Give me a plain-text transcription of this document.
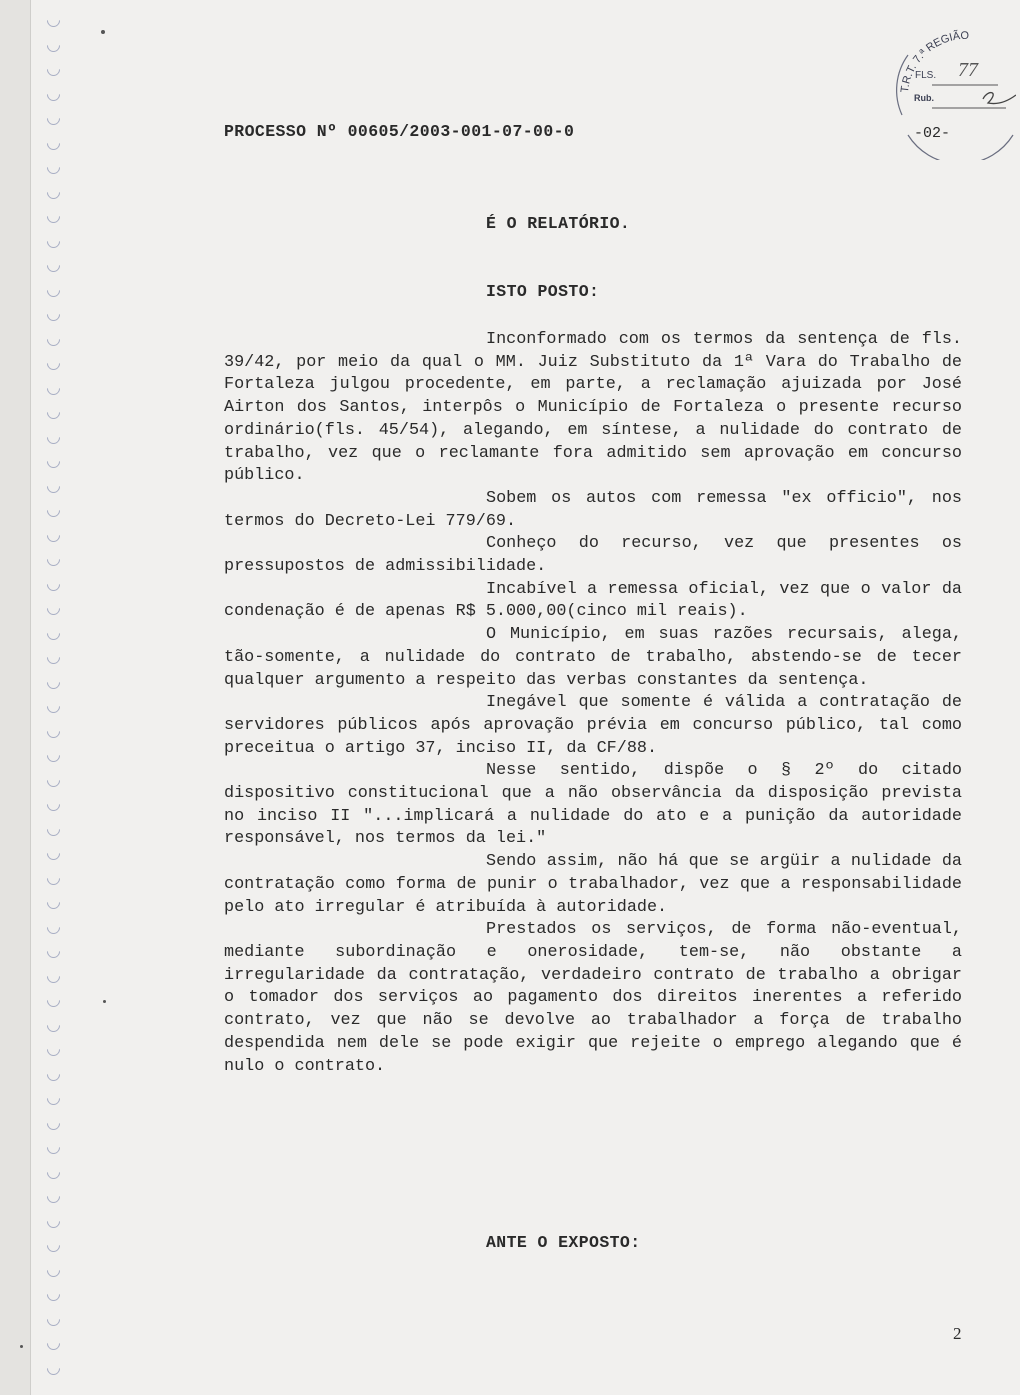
PROCESSO Nº 00605/2003-001-07-00-0
T.R.T. 7.ª REGIÃO
FLS. 77
Rub.
-02-
É O RELATÓRIO.
ISTO POSTO:

Inconformado com os termos da sentença de fls. 39/42, por meio da qual o MM. Juiz Substituto da 1ª Vara do Trabalho de Fortaleza julgou procedente, em parte, a reclamação ajuizada por José Airton dos Santos, interpôs o Município de Fortaleza o presente recurso ordinário(fls. 45/54), alegando, em síntese, a nulidade do contrato de trabalho, vez que o reclamante fora admitido sem aprovação em concurso público.

Sobem os autos com remessa "ex officio", nos termos do Decreto-Lei 779/69.

Conheço do recurso, vez que presentes os pressupostos de admissibilidade.

Incabível a remessa oficial, vez que o valor da condenação é de apenas R$ 5.000,00(cinco mil reais).

O Município, em suas razões recursais, alega, tão-somente, a nulidade do contrato de trabalho, abstendo-se de tecer qualquer argumento a respeito das verbas constantes da sentença.

Inegável que somente é válida a contratação de servidores públicos após aprovação prévia em concurso público, tal como preceitua o artigo 37, inciso II, da CF/88.

Nesse sentido, dispõe o § 2º do citado dispositivo constitucional que a não observância da disposição prevista no inciso II "...implicará a nulidade do ato e a punição da autoridade responsável, nos termos da lei."

Sendo assim, não há que se argüir a nulidade da contratação como forma de punir o trabalhador, vez que a responsabilidade pelo ato irregular é atribuída à autoridade.

Prestados os serviços, de forma não-eventual, mediante subordinação e onerosidade, tem-se, não obstante a irregularidade da contratação, verdadeiro contrato de trabalho a obrigar o tomador dos serviços ao pagamento dos direitos inerentes a referido contrato, vez que não se devolve ao trabalhador a força de trabalho despendida nem dele se pode exigir que rejeite o emprego alegando que é nulo o contrato.

ANTE O EXPOSTO:
2
